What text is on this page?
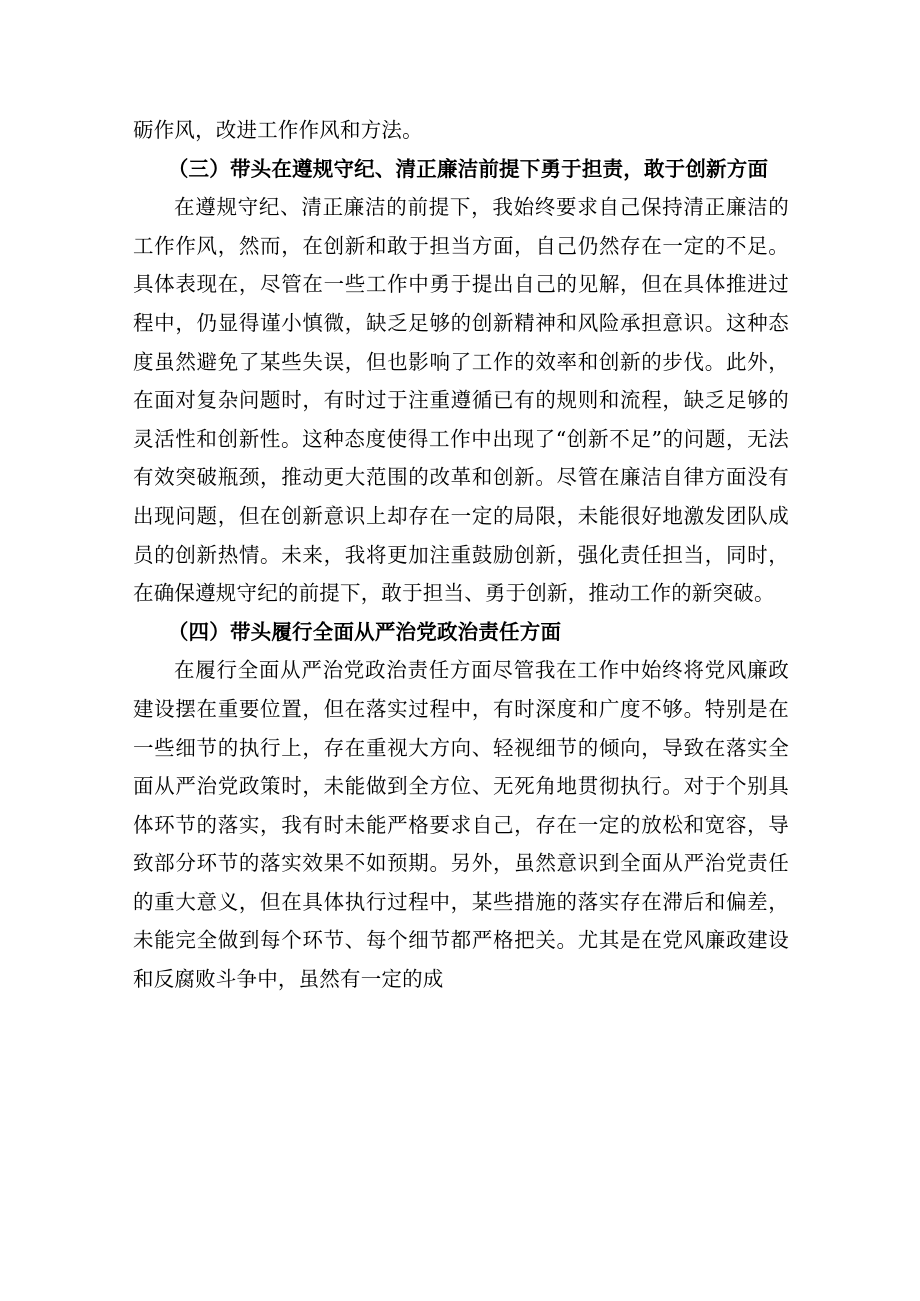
砺作风，改进工作作风和方法。

（三）带头在遵规守纪、清正廉洁前提下勇于担责，敢于创新方面

在遵规守纪、清正廉洁的前提下，我始终要求自己保持清正廉洁的工作作风，然而，在创新和敢于担当方面，自己仍然存在一定的不足。具体表现在，尽管在一些工作中勇于提出自己的见解，但在具体推进过程中，仍显得谨小慎微，缺乏足够的创新精神和风险承担意识。这种态度虽然避免了某些失误，但也影响了工作的效率和创新的步伐。此外，在面对复杂问题时，有时过于注重遵循已有的规则和流程，缺乏足够的灵活性和创新性。这种态度使得工作中出现了“创新不足”的问题，无法有效突破瓶颈，推动更大范围的改革和创新。尽管在廉洁自律方面没有出现问题，但在创新意识上却存在一定的局限，未能很好地激发团队成员的创新热情。未来，我将更加注重鼓励创新，强化责任担当，同时，在确保遵规守纪的前提下，敢于担当、勇于创新，推动工作的新突破。

（四）带头履行全面从严治党政治责任方面

在履行全面从严治党政治责任方面尽管我在工作中始终将党风廉政建设摆在重要位置，但在落实过程中，有时深度和广度不够。特别是在一些细节的执行上，存在重视大方向、轻视细节的倾向，导致在落实全面从严治党政策时，未能做到全方位、无死角地贯彻执行。对于个别具体环节的落实，我有时未能严格要求自己，存在一定的放松和宽容，导致部分环节的落实效果不如预期。另外，虽然意识到全面从严治党责任的重大意义，但在具体执行过程中，某些措施的落实存在滞后和偏差，未能完全做到每个环节、每个细节都严格把关。尤其是在党风廉政建设和反腐败斗争中，虽然有一定的成
